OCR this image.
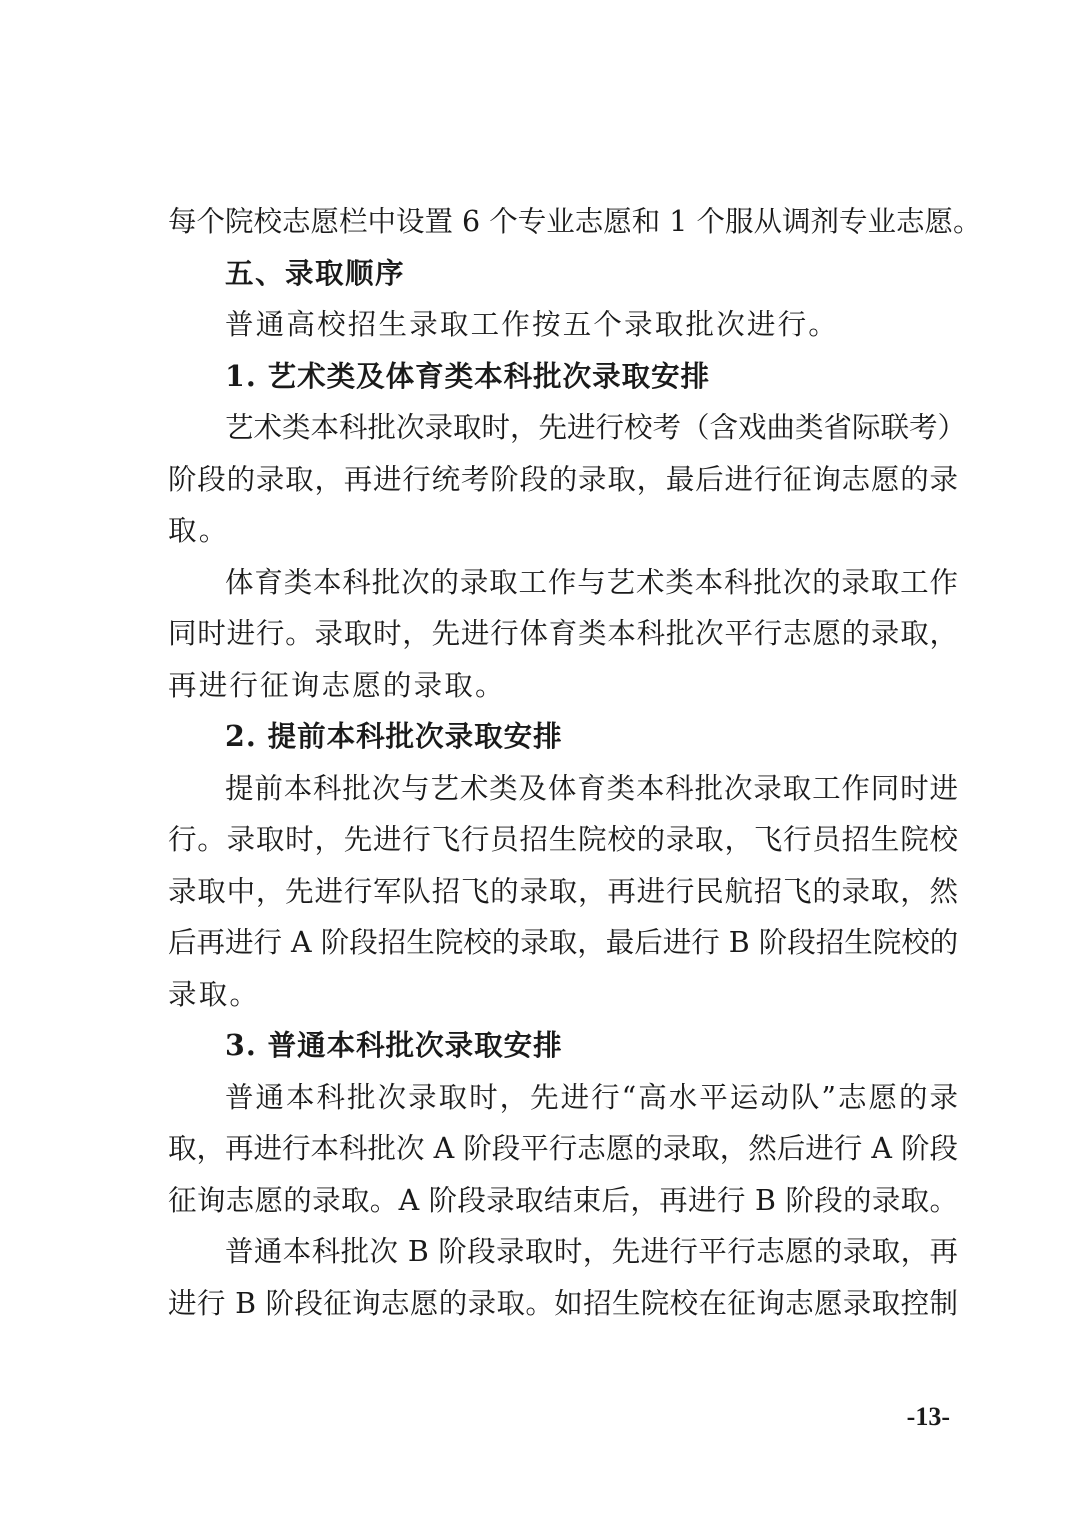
每个院校志愿栏中设置 6 个专业志愿和 1 个服从调剂专业志愿。
五、录取顺序
普通高校招生录取工作按五个录取批次进行。
1. 艺术类及体育类本科批次录取安排
艺术类本科批次录取时，先进行校考（含戏曲类省际联考）
阶段的录取，再进行统考阶段的录取，最后进行征询志愿的录
取。
体育类本科批次的录取工作与艺术类本科批次的录取工作
同时进行。录取时，先进行体育类本科批次平行志愿的录取，
再进行征询志愿的录取。
2. 提前本科批次录取安排
提前本科批次与艺术类及体育类本科批次录取工作同时进
行。录取时，先进行飞行员招生院校的录取，飞行员招生院校
录取中，先进行军队招飞的录取，再进行民航招飞的录取，然
后再进行 A 阶段招生院校的录取，最后进行 B 阶段招生院校的
录取。
3. 普通本科批次录取安排
普通本科批次录取时，先进行“高水平运动队”志愿的录
取，再进行本科批次 A 阶段平行志愿的录取，然后进行 A 阶段
征询志愿的录取。A 阶段录取结束后，再进行 B 阶段的录取。
普通本科批次 B 阶段录取时，先进行平行志愿的录取，再
进行 B 阶段征询志愿的录取。如招生院校在征询志愿录取控制
-13-
